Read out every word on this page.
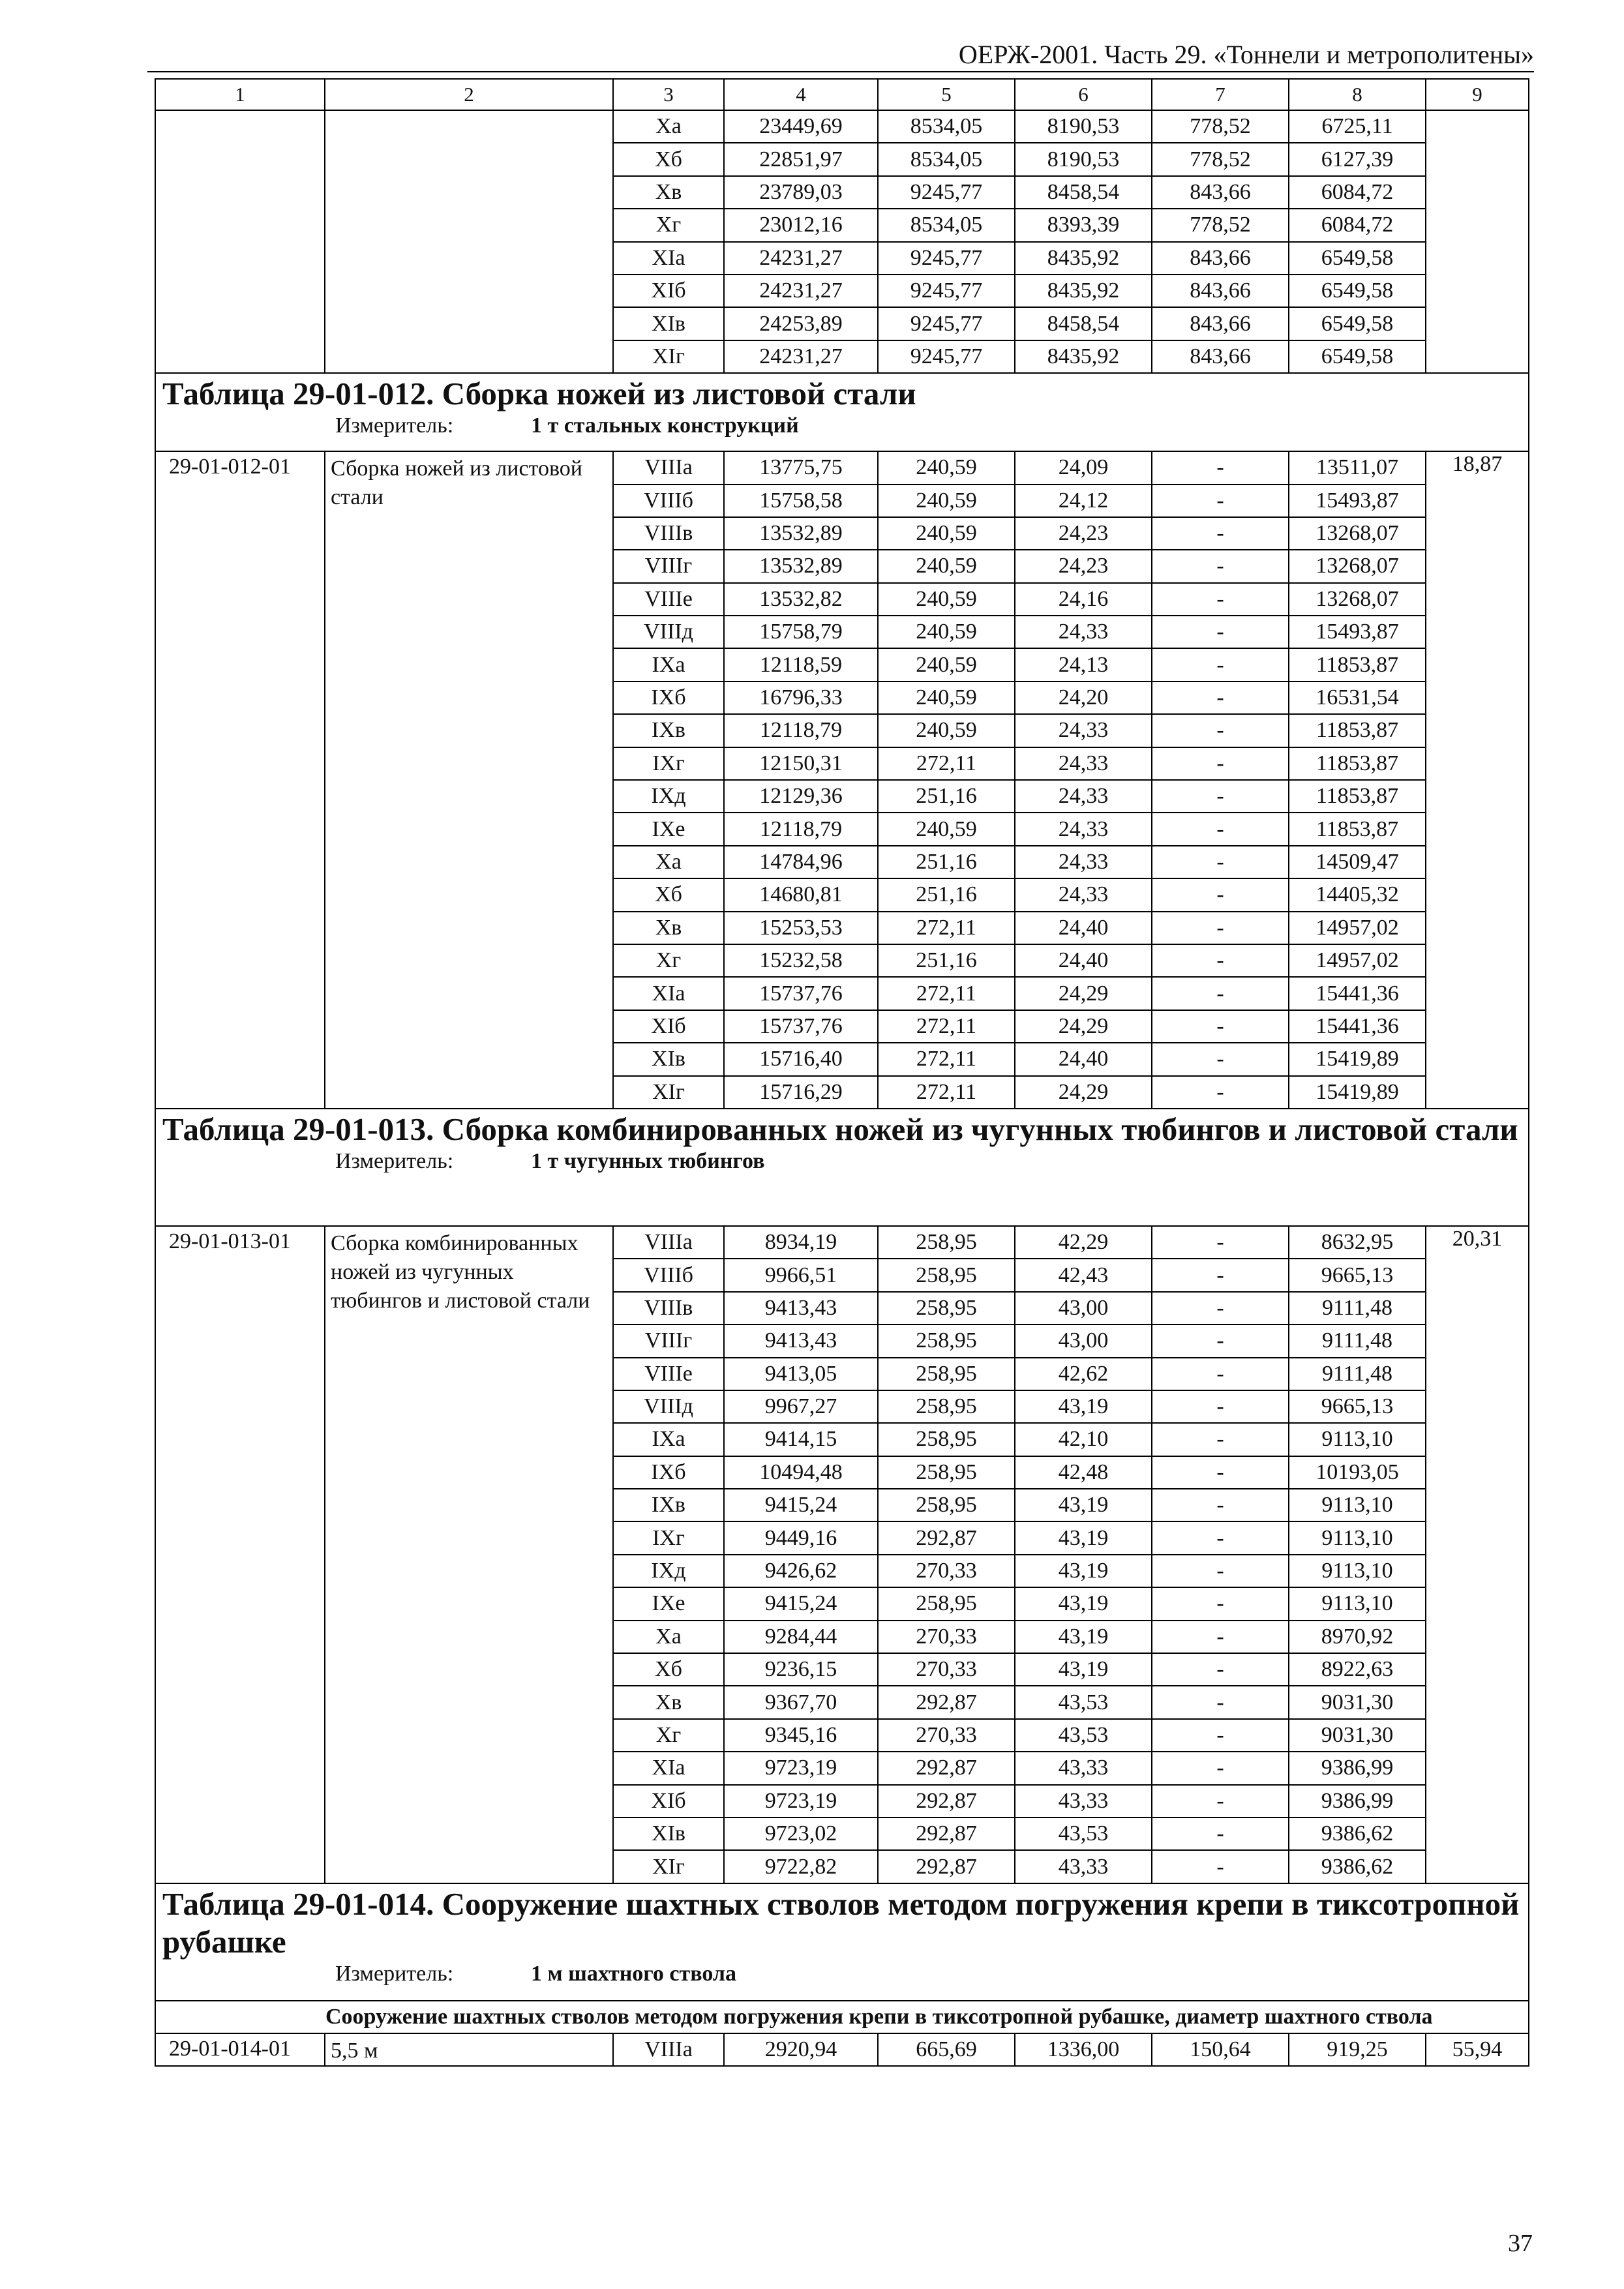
ОЕРЖ-2001. Часть 29. «Тоннели и метрополитены»
1	2	3	4	5	6	7	8	9
		Xa	23449,69	8534,05	8190,53	778,52	6725,11	
		Xб	22851,97	8534,05	8190,53	778,52	6127,39	
		Xв	23789,03	9245,77	8458,54	843,66	6084,72	
		Xг	23012,16	8534,05	8393,39	778,52	6084,72	
		XIa	24231,27	9245,77	8435,92	843,66	6549,58	
		XIб	24231,27	9245,77	8435,92	843,66	6549,58	
		XIв	24253,89	9245,77	8458,54	843,66	6549,58	
		XIг	24231,27	9245,77	8435,92	843,66	6549,58	
Таблица 29-01-012. Сборка ножей из листовой стали
Измеритель: 1 т стальных конструкций								

29-01-012-01	Сборка ножей из листовой стали	VIIIa	13775,75	240,59	24,09	-	13511,07	18,87
		VIIIб	15758,58	240,59	24,12	-	15493,87	
		VIIIв	13532,89	240,59	24,23	-	13268,07	
		VIIIг	13532,89	240,59	24,23	-	13268,07	
		VIIIe	13532,82	240,59	24,16	-	13268,07	
		VIIIд	15758,79	240,59	24,33	-	15493,87	
		IXa	12118,59	240,59	24,13	-	11853,87	
		IXб	16796,33	240,59	24,20	-	16531,54	
		IXв	12118,79	240,59	24,33	-	11853,87	
		IXг	12150,31	272,11	24,33	-	11853,87	
		IXд	12129,36	251,16	24,33	-	11853,87	
		IXe	12118,79	240,59	24,33	-	11853,87	
		Xa	14784,96	251,16	24,33	-	14509,47	
		Xб	14680,81	251,16	24,33	-	14405,32	
		Xв	15253,53	272,11	24,40	-	14957,02	
		Xг	15232,58	251,16	24,40	-	14957,02	
		XIa	15737,76	272,11	24,29	-	15441,36	
		XIб	15737,76	272,11	24,29	-	15441,36	
		XIв	15716,40	272,11	24,40	-	15419,89	
		XIг	15716,29	272,11	24,29	-	15419,89	
Таблица 29-01-013. Сборка комбинированных ножей из чугунных тюбингов и листовой стали
Измеритель: 1 т чугунных тюбингов								

29-01-013-01	Сборка комбинированных ножей из чугунных тюбингов и листовой стали	VIIIa	8934,19	258,95	42,29	-	8632,95	20,31
		VIIIб	9966,51	258,95	42,43	-	9665,13	
		VIIIв	9413,43	258,95	43,00	-	9111,48	
		VIIIг	9413,43	258,95	43,00	-	9111,48	
		VIIIe	9413,05	258,95	42,62	-	9111,48	
		VIIIд	9967,27	258,95	43,19	-	9665,13	
		IXa	9414,15	258,95	42,10	-	9113,10	
		IXб	10494,48	258,95	42,48	-	10193,05	
		IXв	9415,24	258,95	43,19	-	9113,10	
		IXг	9449,16	292,87	43,19	-	9113,10	
		IXд	9426,62	270,33	43,19	-	9113,10	
		IXe	9415,24	258,95	43,19	-	9113,10	
		Xa	9284,44	270,33	43,19	-	8970,92	
		Xб	9236,15	270,33	43,19	-	8922,63	
		Xв	9367,70	292,87	43,53	-	9031,30	
		Xг	9345,16	270,33	43,53	-	9031,30	
		XIa	9723,19	292,87	43,33	-	9386,99	
		XIб	9723,19	292,87	43,33	-	9386,99	
		XIв	9723,02	292,87	43,53	-	9386,62	
		XIг	9722,82	292,87	43,33	-	9386,62	
Таблица 29-01-014. Сооружение шахтных стволов методом погружения крепи в тиксотропной рубашке
Измеритель: 1 м шахтного ствола								

Сооружение шахтных стволов методом погружения крепи в тиксотропной рубашке, диаметр шахтного ствола								
29-01-014-01	5,5 м	VIIIa	2920,94	665,69	1336,00	150,64	919,25	55,94
37
